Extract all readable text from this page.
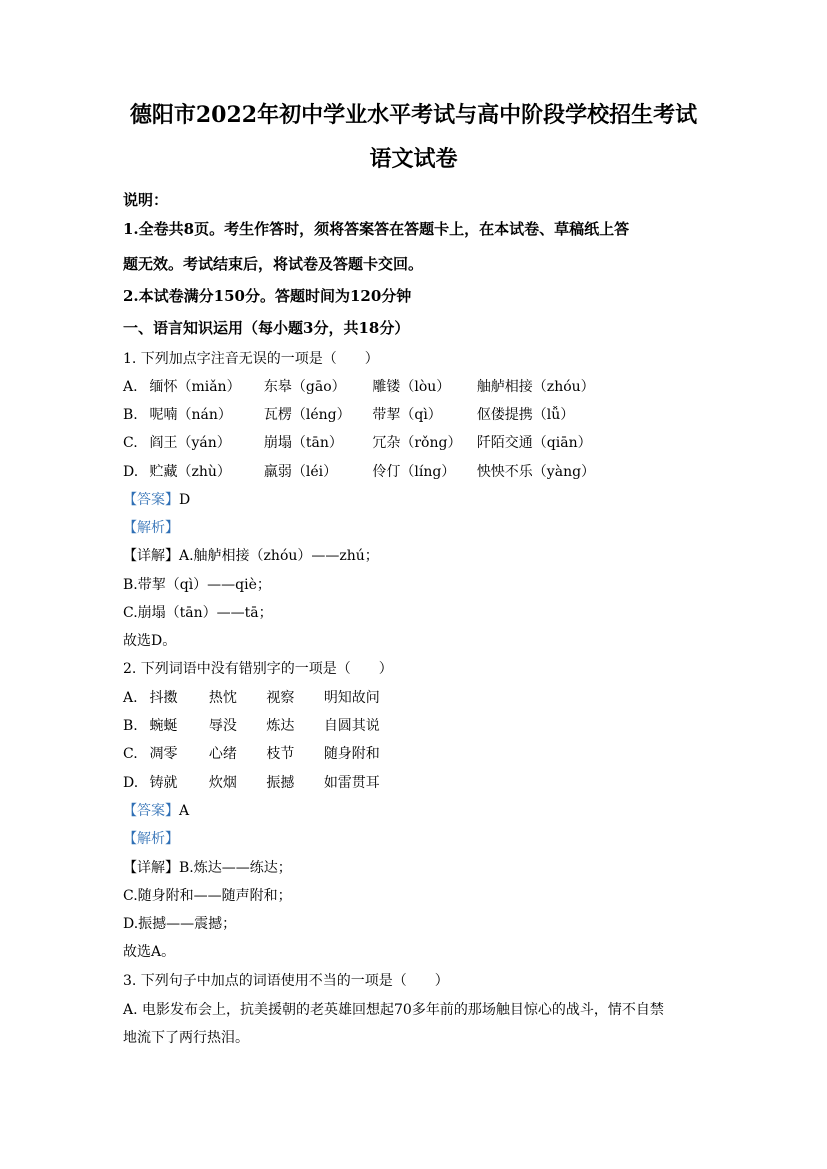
德阳市2022年初中学业水平考试与高中阶段学校招生考试
语文试卷
说明：
1.全卷共8页。考生作答时，须将答案答在答题卡上，在本试卷、草稿纸上答
题无效。考试结束后，将试卷及答题卡交回。
2.本试卷满分150分。答题时间为120分钟
一、语言知识运用（每小题3分，共18分）
1. 下列加点字注音无误的一项是（　　）
A. 缅怀（miǎn） 东皋（gāo） 雕镂（lòu） 舳舻相接（zhóu）
B. 呢喃（nán） 瓦楞（léng） 带挈（qì）	伛偻提携（lǚ）
C. 阎王（yán） 崩塌（tān） 冗杂（rǒng） 阡陌交通（qiān）
D. 贮藏（zhù） 羸弱（léi）	伶仃（líng） 怏怏不乐（yàng）
【答案】D
【解析】
【详解】A.舳舻相接（zhóu）——zhú；
B.带挈（qì）——qiè；
C.崩塌（tān）——tā；
故选D。
2. 下列词语中没有错别字的一项是（　　）
A. 抖擞 热忱 视察 明知故问
B. 蜿蜒 辱没 炼达 自圆其说
C. 凋零 心绪 枝节 随身附和
D. 铸就 炊烟 振撼 如雷贯耳
【答案】A
【解析】
【详解】B.炼达——练达；
C.随身附和——随声附和；
D.振撼——震撼；
故选A。
3. 下列句子中加点的词语使用不当的一项是（　　）
A. 电影发布会上，抗美援朝的老英雄回想起70多年前的那场触目惊心的战斗，情不自禁
地流下了两行热泪。
